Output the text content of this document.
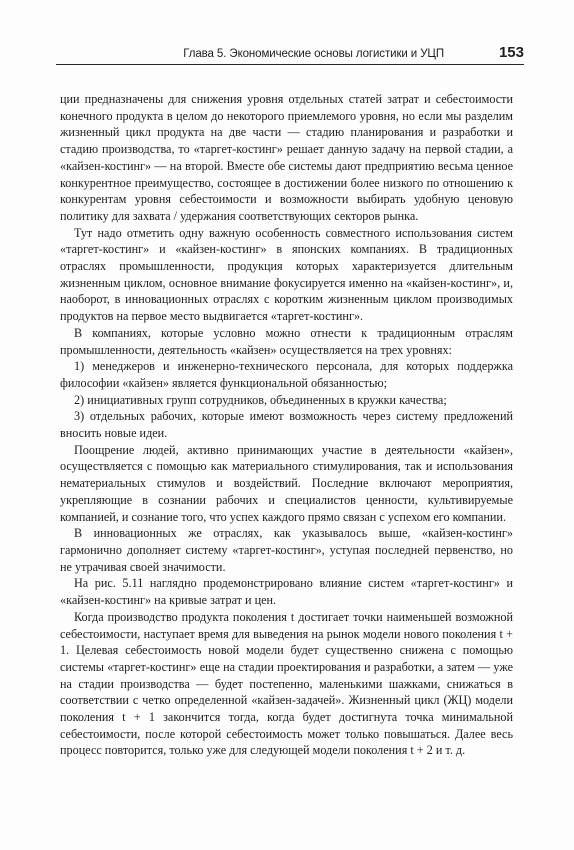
Глава 5. Экономические основы логистики и УЦП	153

ции предназначены для снижения уровня отдельных статей затрат и себестоимости конечного продукта в целом до некоторого приемлемого уровня, но если мы разделим жизненный цикл продукта на две части — стадию планирования и разработки и стадию производства, то «таргет-костинг» решает данную задачу на первой стадии, а «кайзен-костинг» — на второй. Вместе обе системы дают предприятию весьма ценное конкурентное преимущество, состоящее в достижении более низкого по отношению к конкурентам уровня себестоимости и возможности выбирать удобную ценовую политику для захвата / удержания соответствующих секторов рынка.

Тут надо отметить одну важную особенность совместного использования систем «таргет-костинг» и «кайзен-костинг» в японских компаниях. В традиционных отраслях промышленности, продукция которых характеризуется длительным жизненным циклом, основное внимание фокусируется именно на «кайзен-костинг», и, наоборот, в инновационных отраслях с коротким жизненным циклом производимых продуктов на первое место выдвигается «таргет-костинг».

В компаниях, которые условно можно отнести к традиционным отраслям промышленности, деятельность «кайзен» осуществляется на трех уровнях:

1) менеджеров и инженерно-технического персонала, для которых поддержка философии «кайзен» является функциональной обязанностью;

2) инициативных групп сотрудников, объединенных в кружки качества;

3) отдельных рабочих, которые имеют возможность через систему предложений вносить новые идеи.

Поощрение людей, активно принимающих участие в деятельности «кайзен», осуществляется с помощью как материального стимулирования, так и использования нематериальных стимулов и воздействий. Последние включают мероприятия, укрепляющие в сознании рабочих и специалистов ценности, культивируемые компанией, и сознание того, что успех каждого прямо связан с успехом его компании.

В инновационных же отраслях, как указывалось выше, «кайзен-костинг» гармонично дополняет систему «таргет-костинг», уступая последней первенство, но не утрачивая своей значимости.

На рис. 5.11 наглядно продемонстрировано влияние систем «таргет-костинг» и «кайзен-костинг» на кривые затрат и цен.

Когда производство продукта поколения t достигает точки наименьшей возможной себестоимости, наступает время для выведения на рынок модели нового поколения t + 1. Целевая себестоимость новой модели будет существенно снижена с помощью системы «таргет-костинг» еще на стадии проектирования и разработки, а затем — уже на стадии производства — будет постепенно, маленькими шажками, снижаться в соответствии с четко определенной «кайзен-задачей». Жизненный цикл (ЖЦ) модели поколения t + 1 закончится тогда, когда будет достигнута точка минимальной себестоимости, после которой себестоимость может только повышаться. Далее весь процесс повторится, только уже для следующей модели поколения t + 2 и т. д.
